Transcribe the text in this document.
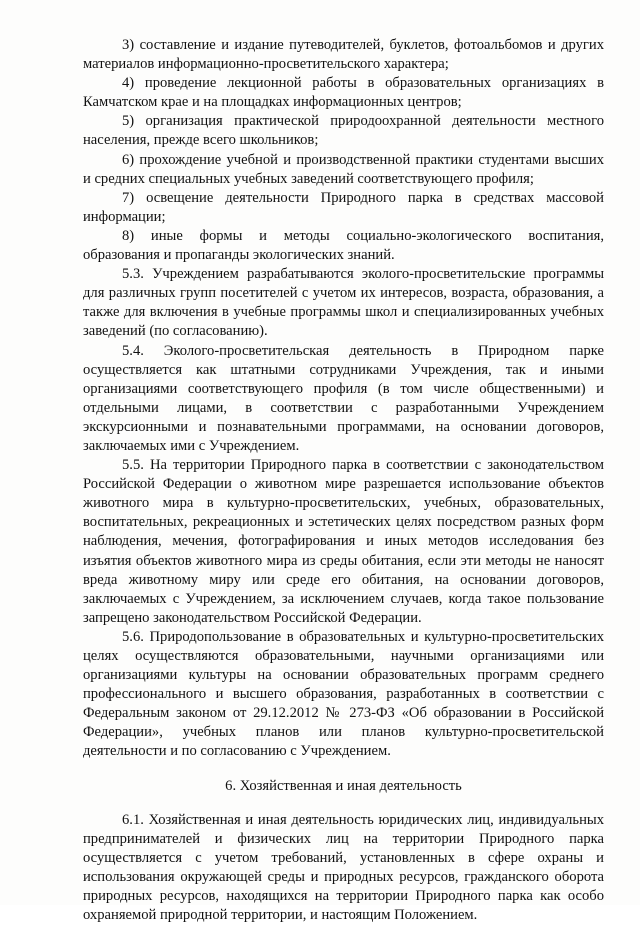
3) составление и издание путеводителей, буклетов, фотоальбомов и других материалов информационно-просветительского характера;

4) проведение лекционной работы в образовательных организациях в Камчатском крае и на площадках информационных центров;

5) организация практической природоохранной деятельности местного населения, прежде всего школьников;

6) прохождение учебной и производственной практики студентами высших и средних специальных учебных заведений соответствующего профиля;

7) освещение деятельности Природного парка в средствах массовой информации;

8) иные формы и методы социально-экологического воспитания, образования и пропаганды экологических знаний.

5.3. Учреждением разрабатываются эколого-просветительские программы для различных групп посетителей с учетом их интересов, возраста, образования, а также для включения в учебные программы школ и специализированных учебных заведений (по согласованию).

5.4. Эколого-просветительская деятельность в Природном парке осуществляется как штатными сотрудниками Учреждения, так и иными организациями соответствующего профиля (в том числе общественными) и отдельными лицами, в соответствии с разработанными Учреждением экскурсионными и познавательными программами, на основании договоров, заключаемых ими с Учреждением.

5.5. На территории Природного парка в соответствии с законодательством Российской Федерации о животном мире разрешается использование объектов животного мира в культурно-просветительских, учебных, образовательных, воспитательных, рекреационных и эстетических целях посредством разных форм наблюдения, мечения, фотографирования и иных методов исследования без изъятия объектов животного мира из среды обитания, если эти методы не наносят вреда животному миру или среде его обитания, на основании договоров, заключаемых с Учреждением, за исключением случаев, когда такое пользование запрещено законодательством Российской Федерации.

5.6. Природопользование в образовательных и культурно-просветительских целях осуществляются образовательными, научными организациями или организациями культуры на основании образовательных программ среднего профессионального и высшего образования, разработанных в соответствии с Федеральным законом от 29.12.2012 № 273-ФЗ «Об образовании в Российской Федерации», учебных планов или планов культурно-просветительской деятельности и по согласованию с Учреждением.

6. Хозяйственная и иная деятельность

6.1. Хозяйственная и иная деятельность юридических лиц, индивидуальных предпринимателей и физических лиц на территории Природного парка осуществляется с учетом требований, установленных в сфере охраны и использования окружающей среды и природных ресурсов, гражданского оборота природных ресурсов, находящихся на территории Природного парка как особо охраняемой природной территории, и настоящим Положением.
